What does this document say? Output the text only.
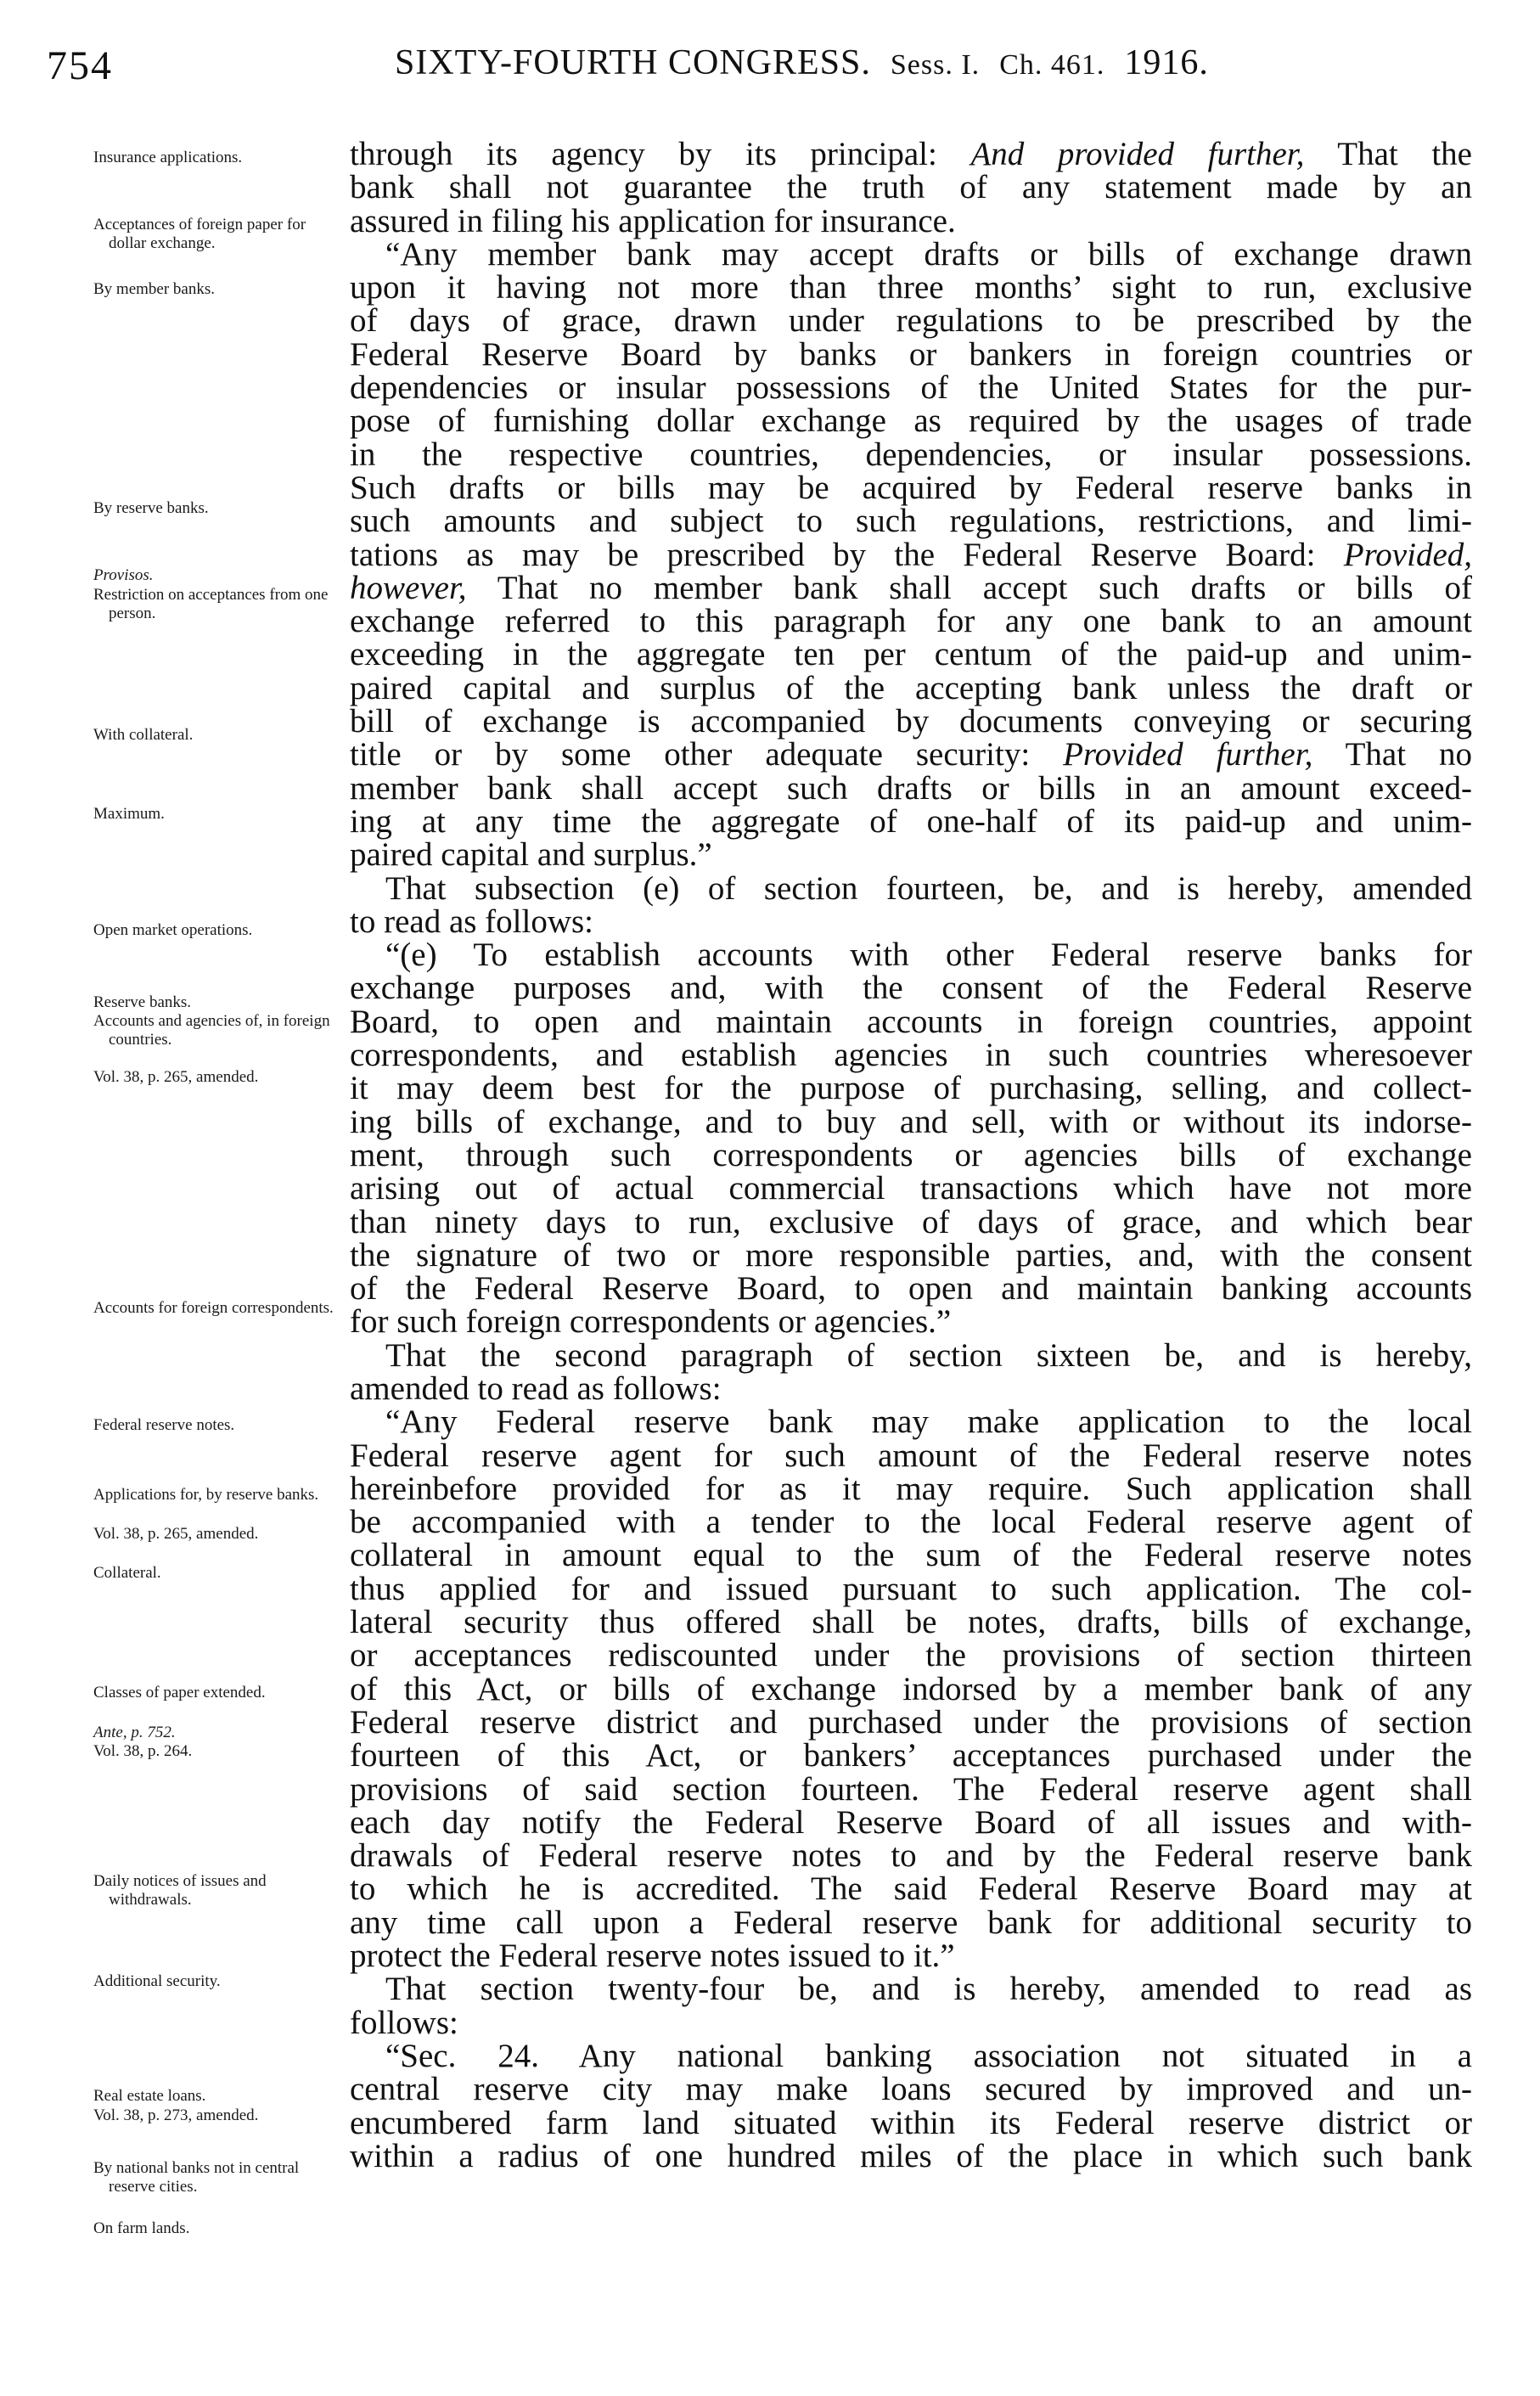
754	SIXTY-FOURTH CONGRESS. Sess. I. Ch. 461. 1916.
Insurance applications.
Acceptances of foreign paper for dollar exchange.
By member banks.
By reserve banks.
Provisos.
Restriction on acceptances from one person.
With collateral.
Maximum.
Open market operations.
Reserve banks.
Accounts and agencies of, in foreign countries.
Vol. 38, p. 265, amended.
Accounts for foreign correspondents.
Federal reserve notes.
Applications for, by reserve banks.
Vol. 38, p. 265, amended.
Collateral.
Classes of paper extended.
Ante, p. 752.
Vol. 38, p. 264.
Daily notices of issues and withdrawals.
Additional security.
Real estate loans.
Vol. 38, p. 273, amended.
By national banks not in central reserve cities.
On farm lands.
through its agency by its principal: And provided further, That the
bank shall not guarantee the truth of any statement made by an
assured in filing his application for insurance.
“Any member bank may accept drafts or bills of exchange drawn
upon it having not more than three months’ sight to run, exclusive
of days of grace, drawn under regulations to be prescribed by the
Federal Reserve Board by banks or bankers in foreign countries or
dependencies or insular possessions of the United States for the pur-
pose of furnishing dollar exchange as required by the usages of trade
in the respective countries, dependencies, or insular possessions.
Such drafts or bills may be acquired by Federal reserve banks in
such amounts and subject to such regulations, restrictions, and limi-
tations as may be prescribed by the Federal Reserve Board: Provided,
however, That no member bank shall accept such drafts or bills of
exchange referred to this paragraph for any one bank to an amount
exceeding in the aggregate ten per centum of the paid-up and unim-
paired capital and surplus of the accepting bank unless the draft or
bill of exchange is accompanied by documents conveying or securing
title or by some other adequate security: Provided further, That no
member bank shall accept such drafts or bills in an amount exceed-
ing at any time the aggregate of one-half of its paid-up and unim-
paired capital and surplus.”
That subsection (e) of section fourteen, be, and is hereby, amended
to read as follows:
“(e) To establish accounts with other Federal reserve banks for
exchange purposes and, with the consent of the Federal Reserve
Board, to open and maintain accounts in foreign countries, appoint
correspondents, and establish agencies in such countries wheresoever
it may deem best for the purpose of purchasing, selling, and collect-
ing bills of exchange, and to buy and sell, with or without its indorse-
ment, through such correspondents or agencies bills of exchange
arising out of actual commercial transactions which have not more
than ninety days to run, exclusive of days of grace, and which bear
the signature of two or more responsible parties, and, with the consent
of the Federal Reserve Board, to open and maintain banking accounts
for such foreign correspondents or agencies.”
That the second paragraph of section sixteen be, and is hereby,
amended to read as follows:
“Any Federal reserve bank may make application to the local
Federal reserve agent for such amount of the Federal reserve notes
hereinbefore provided for as it may require. Such application shall
be accompanied with a tender to the local Federal reserve agent of
collateral in amount equal to the sum of the Federal reserve notes
thus applied for and issued pursuant to such application. The col-
lateral security thus offered shall be notes, drafts, bills of exchange,
or acceptances rediscounted under the provisions of section thirteen
of this Act, or bills of exchange indorsed by a member bank of any
Federal reserve district and purchased under the provisions of section
fourteen of this Act, or bankers’ acceptances purchased under the
provisions of said section fourteen. The Federal reserve agent shall
each day notify the Federal Reserve Board of all issues and with-
drawals of Federal reserve notes to and by the Federal reserve bank
to which he is accredited. The said Federal Reserve Board may at
any time call upon a Federal reserve bank for additional security to
protect the Federal reserve notes issued to it.”
That section twenty-four be, and is hereby, amended to read as
follows:
“Sec. 24. Any national banking association not situated in a
central reserve city may make loans secured by improved and un-
encumbered farm land situated within its Federal reserve district or
within a radius of one hundred miles of the place in which such bank
